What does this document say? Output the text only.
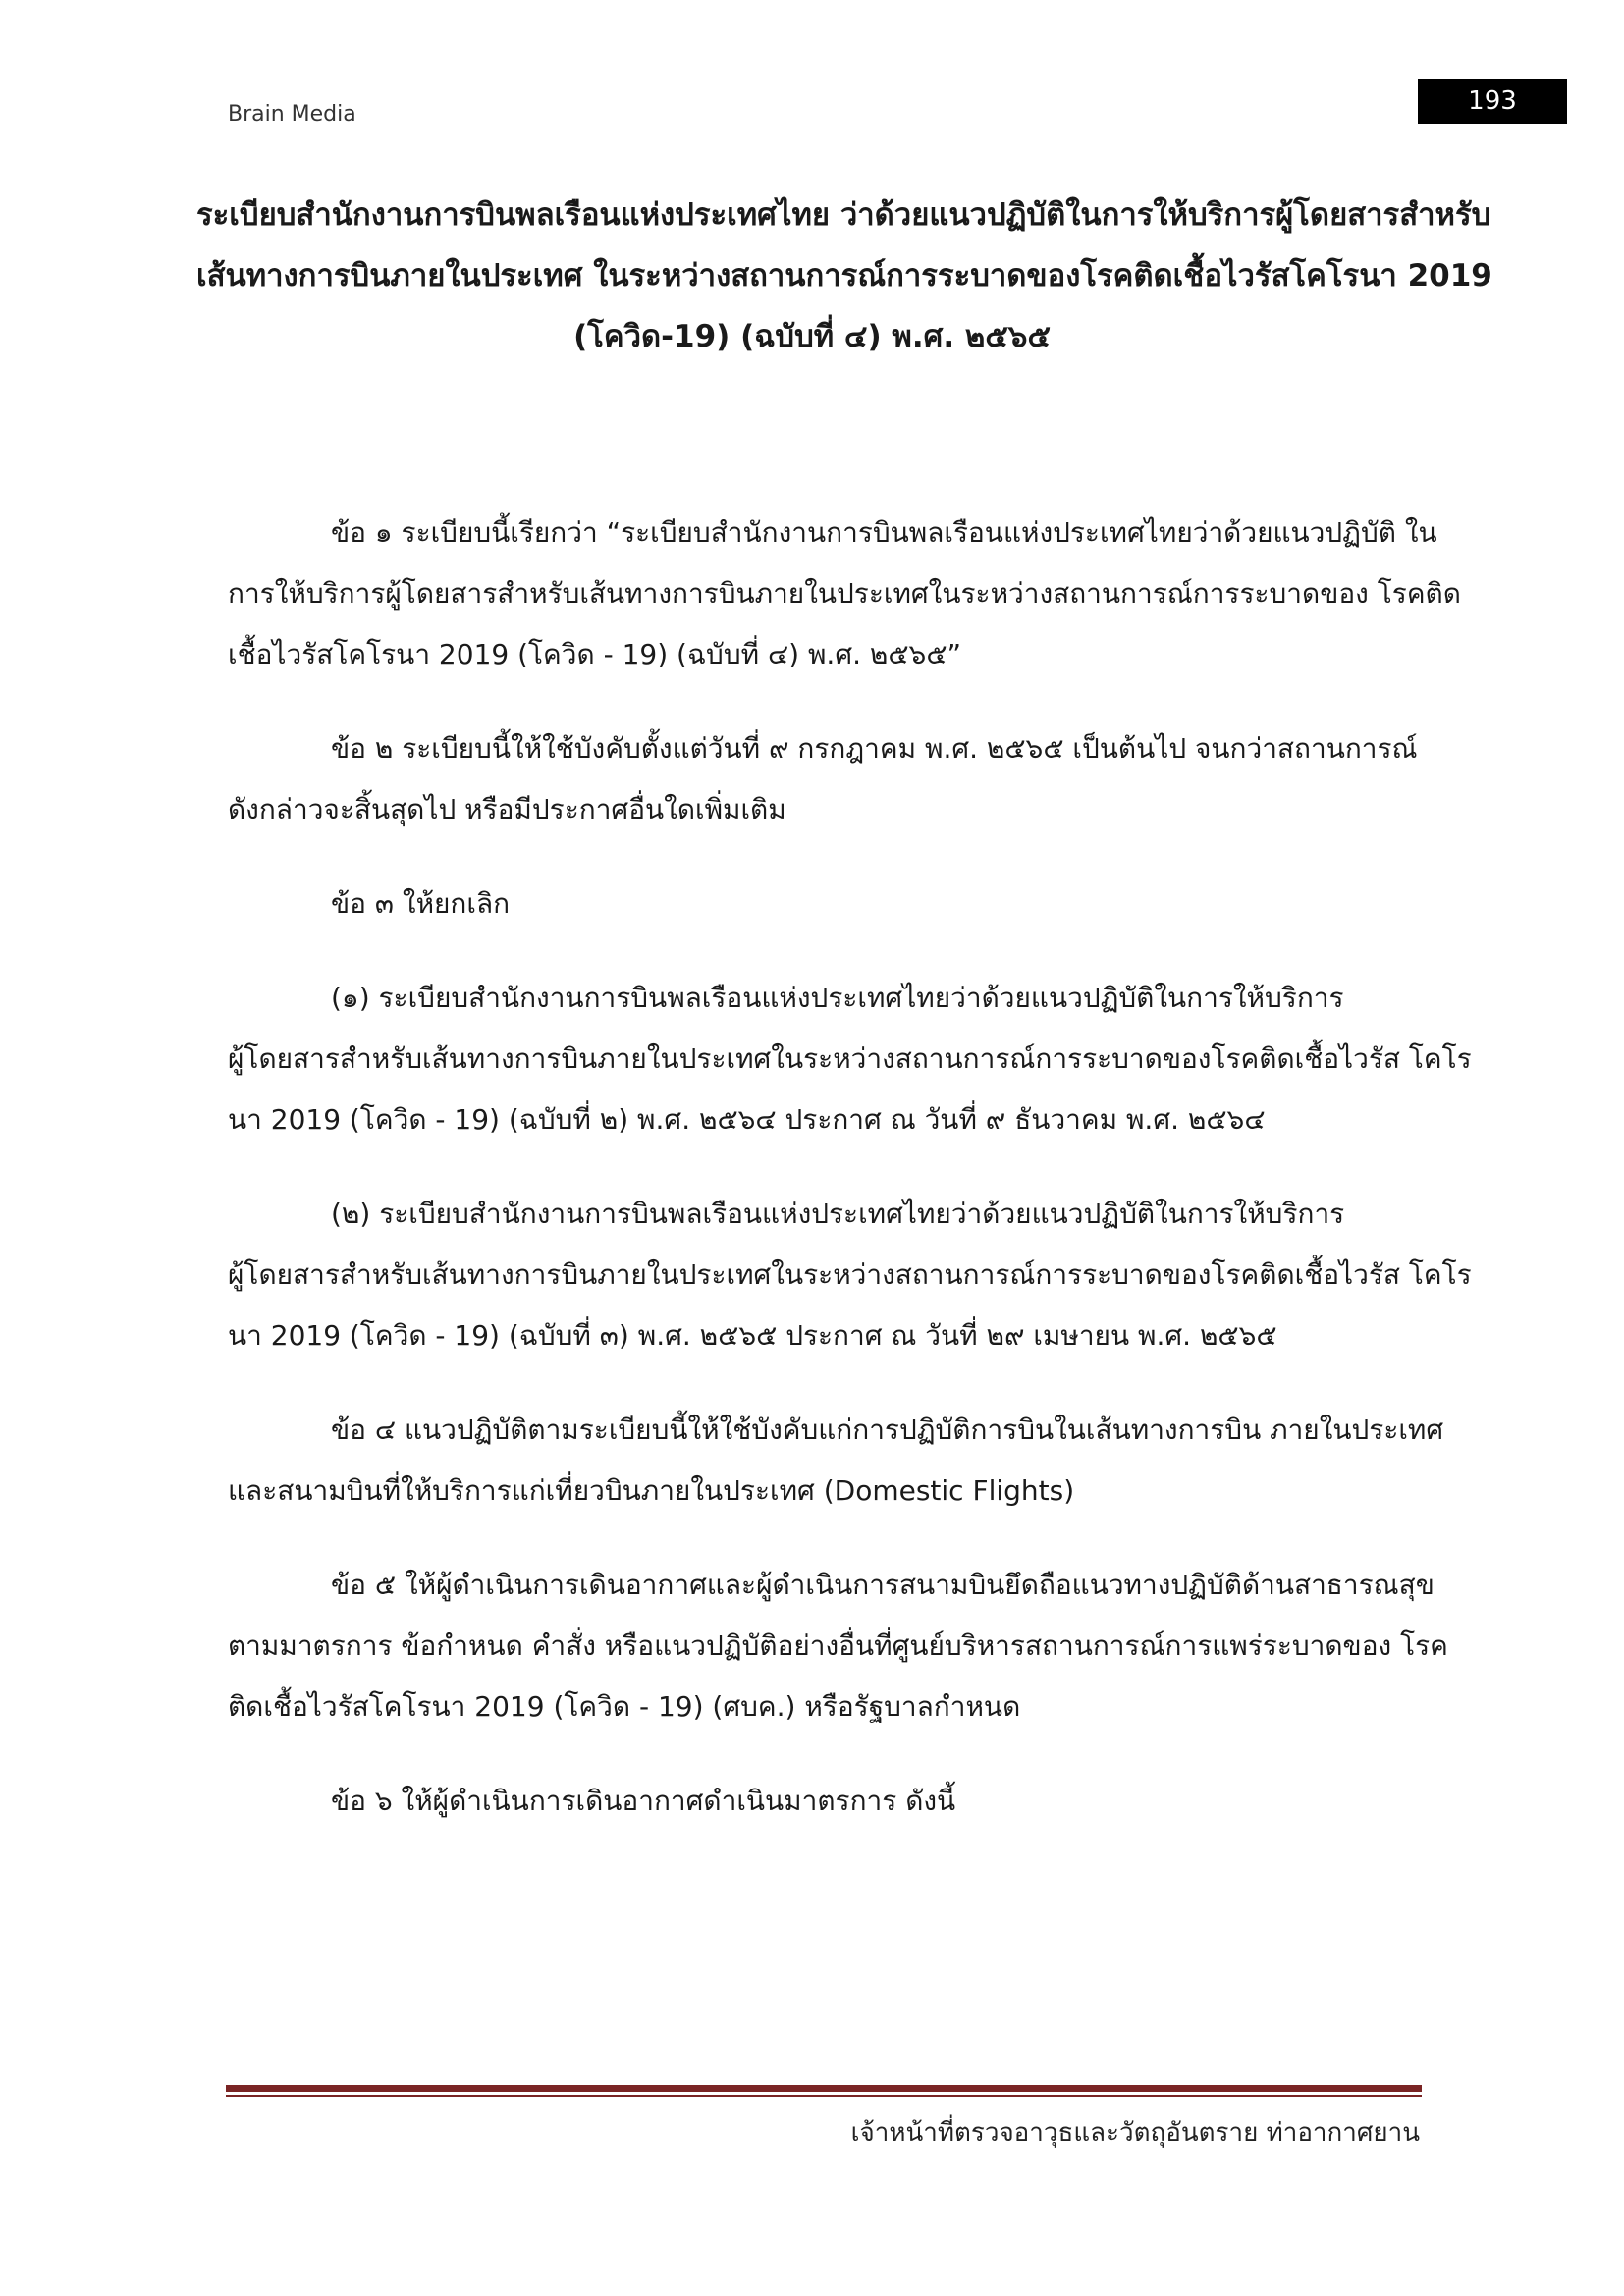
Brain Media	193
ระเบียบสำนักงานการบินพลเรือนแห่งประเทศไทย ว่าด้วยแนวปฏิบัติในการให้บริการผู้โดยสารสำหรับ
เส้นทางการบินภายในประเทศ ในระหว่างสถานการณ์การระบาดของโรคติดเชื้อไวรัสโคโรนา 2019
(โควิด-19) (ฉบับที่ ๔) พ.ศ. ๒๕๖๕
ข้อ ๑ ระเบียบนี้เรียกว่า “ระเบียบสำนักงานการบินพลเรือนแห่งประเทศไทยว่าด้วยแนวปฏิบัติ ใน
การให้บริการผู้โดยสารสำหรับเส้นทางการบินภายในประเทศในระหว่างสถานการณ์การระบาดของ โรคติด
เชื้อไวรัสโคโรนา 2019 (โควิด - 19) (ฉบับที่ ๔) พ.ศ. ๒๕๖๕”
ข้อ ๒ ระเบียบนี้ให้ใช้บังคับตั้งแต่วันที่ ๙ กรกฎาคม พ.ศ. ๒๕๖๕ เป็นต้นไป จนกว่าสถานการณ์
ดังกล่าวจะสิ้นสุดไป หรือมีประกาศอื่นใดเพิ่มเติม
ข้อ ๓ ให้ยกเลิก
(๑) ระเบียบสำนักงานการบินพลเรือนแห่งประเทศไทยว่าด้วยแนวปฏิบัติในการให้บริการ
ผู้โดยสารสำหรับเส้นทางการบินภายในประเทศในระหว่างสถานการณ์การระบาดของโรคติดเชื้อไวรัส โคโร
นา 2019 (โควิด - 19) (ฉบับที่ ๒) พ.ศ. ๒๕๖๔ ประกาศ ณ วันที่ ๙ ธันวาคม พ.ศ. ๒๕๖๔
(๒) ระเบียบสำนักงานการบินพลเรือนแห่งประเทศไทยว่าด้วยแนวปฏิบัติในการให้บริการ
ผู้โดยสารสำหรับเส้นทางการบินภายในประเทศในระหว่างสถานการณ์การระบาดของโรคติดเชื้อไวรัส โคโร
นา 2019 (โควิด - 19) (ฉบับที่ ๓) พ.ศ. ๒๕๖๕ ประกาศ ณ วันที่ ๒๙ เมษายน พ.ศ. ๒๕๖๕
ข้อ ๔ แนวปฏิบัติตามระเบียบนี้ให้ใช้บังคับแก่การปฏิบัติการบินในเส้นทางการบิน ภายในประเทศ
และสนามบินที่ให้บริการแก่เที่ยวบินภายในประเทศ (Domestic Flights)
ข้อ ๕ ให้ผู้ดำเนินการเดินอากาศและผู้ดำเนินการสนามบินยึดถือแนวทางปฏิบัติด้านสาธารณสุข
ตามมาตรการ ข้อกำหนด คำสั่ง หรือแนวปฏิบัติอย่างอื่นที่ศูนย์บริหารสถานการณ์การแพร่ระบาดของ โรค
ติดเชื้อไวรัสโคโรนา 2019 (โควิด - 19) (ศบค.) หรือรัฐบาลกำหนด
ข้อ ๖ ให้ผู้ดำเนินการเดินอากาศดำเนินมาตรการ ดังนี้
เจ้าหน้าที่ตรวจอาวุธและวัตถุอันตราย ท่าอากาศยาน
